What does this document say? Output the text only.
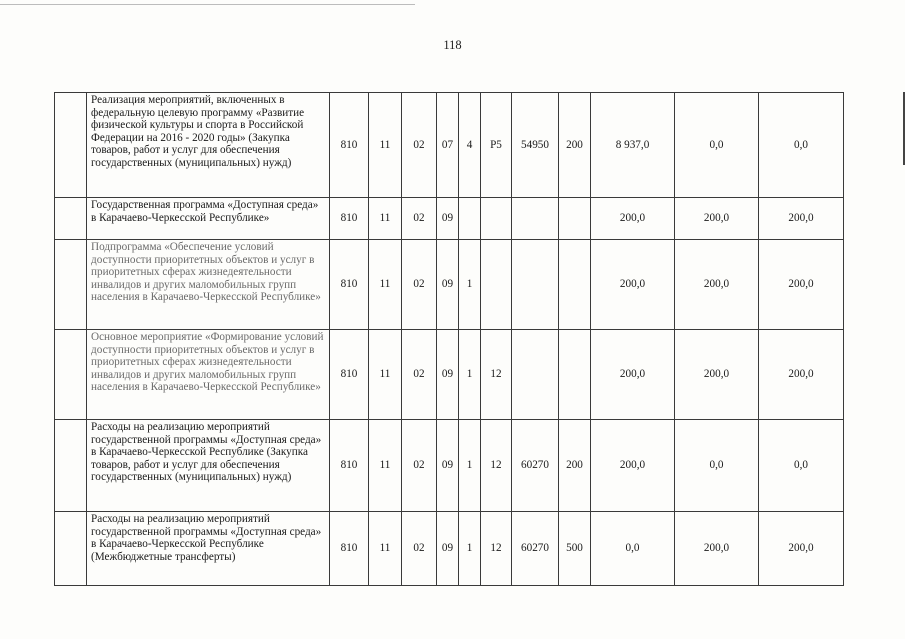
118
	Реализация мероприятий, включенных в федеральную целевую программу «Развитие физической культуры и спорта в Российской Федерации на 2016 - 2020 годы» (Закупка товаров, работ и услуг для обеспечения государственных (муниципальных) нужд)	810	11	02	07	4	P5	54950	200	8 937,0	0,0	0,0
	Государственная программа «Доступная среда» в Карачаево-Черкесской Республике»	810	11	02	09					200,0	200,0	200,0
	Подпрограмма «Обеспечение условий доступности приоритетных объектов и услуг в приоритетных сферах жизнедеятельности инвалидов и других маломобильных групп населения в Карачаево-Черкесской Республике»	810	11	02	09	1				200,0	200,0	200,0
	Основное мероприятие «Формирование условий доступности приоритетных объектов и услуг в приоритетных сферах жизнедеятельности инвалидов и других маломобильных групп населения в Карачаево-Черкесской Республике»	810	11	02	09	1	12			200,0	200,0	200,0
	Расходы на реализацию мероприятий государственной программы «Доступная среда» в Карачаево-Черкесской Республике (Закупка товаров, работ и услуг для обеспечения государственных (муниципальных) нужд)	810	11	02	09	1	12	60270	200	200,0	0,0	0,0
	Расходы на реализацию мероприятий государственной программы «Доступная среда» в Карачаево-Черкесской Республике (Межбюджетные трансферты)	810	11	02	09	1	12	60270	500	0,0	200,0	200,0
